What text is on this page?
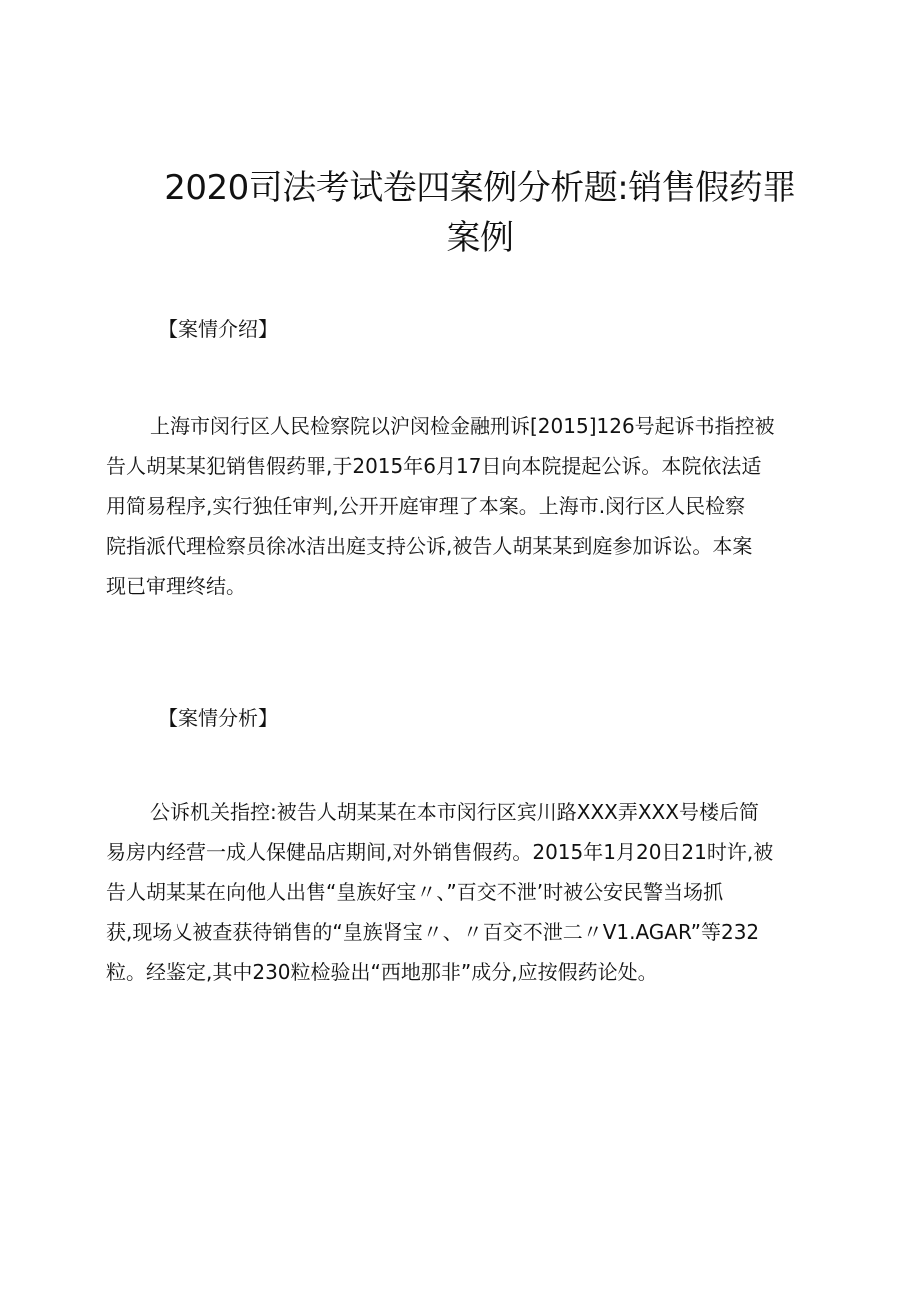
2020司法考试卷四案例分析题:销售假药罪
案例
【案情介绍】

上海市闵行区人民检察院以沪闵检金融刑诉[2015]126号起诉书指控被
告人胡某某犯销售假药罪,于2015年6月17日向本院提起公诉。本院依法适
用简易程序,实行独任审判,公开开庭审理了本案。上海市.闵行区人民检察
院指派代理检察员徐冰洁出庭支持公诉,被告人胡某某到庭参加诉讼。本案
现已审理终结。

【案情分析】

公诉机关指控:被告人胡某某在本市闵行区宾川路XXX弄XXX号楼后简
易房内经营一成人保健品店期间,对外销售假药。2015年1月20日21时许,被
告人胡某某在向他人出售“皇族好宝〃、”百交不泄’时被公安民警当场抓
获,现场乂被查获待销售的“皇族肾宝〃、〃百交不泄二〃V1.AGAR”等232
粒。经鉴定,其中230粒检验出“西地那非”成分,应按假药论处。
